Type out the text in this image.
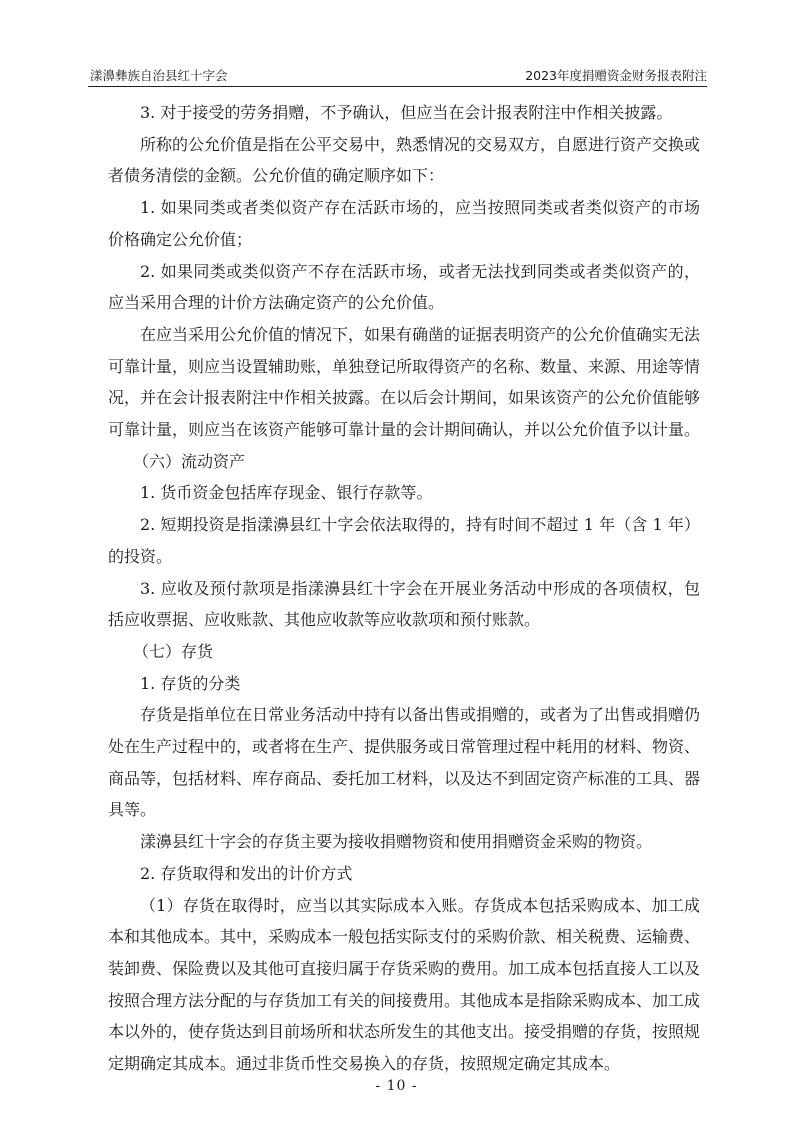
漾濞彝族自治县红十字会	2023年度捐赠资金财务报表附注

3. 对于接受的劳务捐赠，不予确认，但应当在会计报表附注中作相关披露。

所称的公允价值是指在公平交易中，熟悉情况的交易双方，自愿进行资产交换或者债务清偿的金额。公允价值的确定顺序如下：

1. 如果同类或者类似资产存在活跃市场的，应当按照同类或者类似资产的市场价格确定公允价值；

2. 如果同类或类似资产不存在活跃市场，或者无法找到同类或者类似资产的，应当采用合理的计价方法确定资产的公允价值。

在应当采用公允价值的情况下，如果有确凿的证据表明资产的公允价值确实无法可靠计量，则应当设置辅助账，单独登记所取得资产的名称、数量、来源、用途等情况，并在会计报表附注中作相关披露。在以后会计期间，如果该资产的公允价值能够可靠计量，则应当在该资产能够可靠计量的会计期间确认，并以公允价值予以计量。

（六）流动资产

1. 货币资金包括库存现金、银行存款等。

2. 短期投资是指漾濞县红十字会依法取得的，持有时间不超过 1 年（含 1 年）的投资。

3. 应收及预付款项是指漾濞县红十字会在开展业务活动中形成的各项债权，包括应收票据、应收账款、其他应收款等应收款项和预付账款。

（七）存货

1. 存货的分类

存货是指单位在日常业务活动中持有以备出售或捐赠的，或者为了出售或捐赠仍处在生产过程中的，或者将在生产、提供服务或日常管理过程中耗用的材料、物资、商品等，包括材料、库存商品、委托加工材料，以及达不到固定资产标准的工具、器具等。

漾濞县红十字会的存货主要为接收捐赠物资和使用捐赠资金采购的物资。

2. 存货取得和发出的计价方式

（1）存货在取得时，应当以其实际成本入账。存货成本包括采购成本、加工成本和其他成本。其中，采购成本一般包括实际支付的采购价款、相关税费、运输费、装卸费、保险费以及其他可直接归属于存货采购的费用。加工成本包括直接人工以及按照合理方法分配的与存货加工有关的间接费用。其他成本是指除采购成本、加工成本以外的，使存货达到目前场所和状态所发生的其他支出。接受捐赠的存货，按照规定期确定其成本。通过非货币性交易换入的存货，按照规定确定其成本。

- 10 -
